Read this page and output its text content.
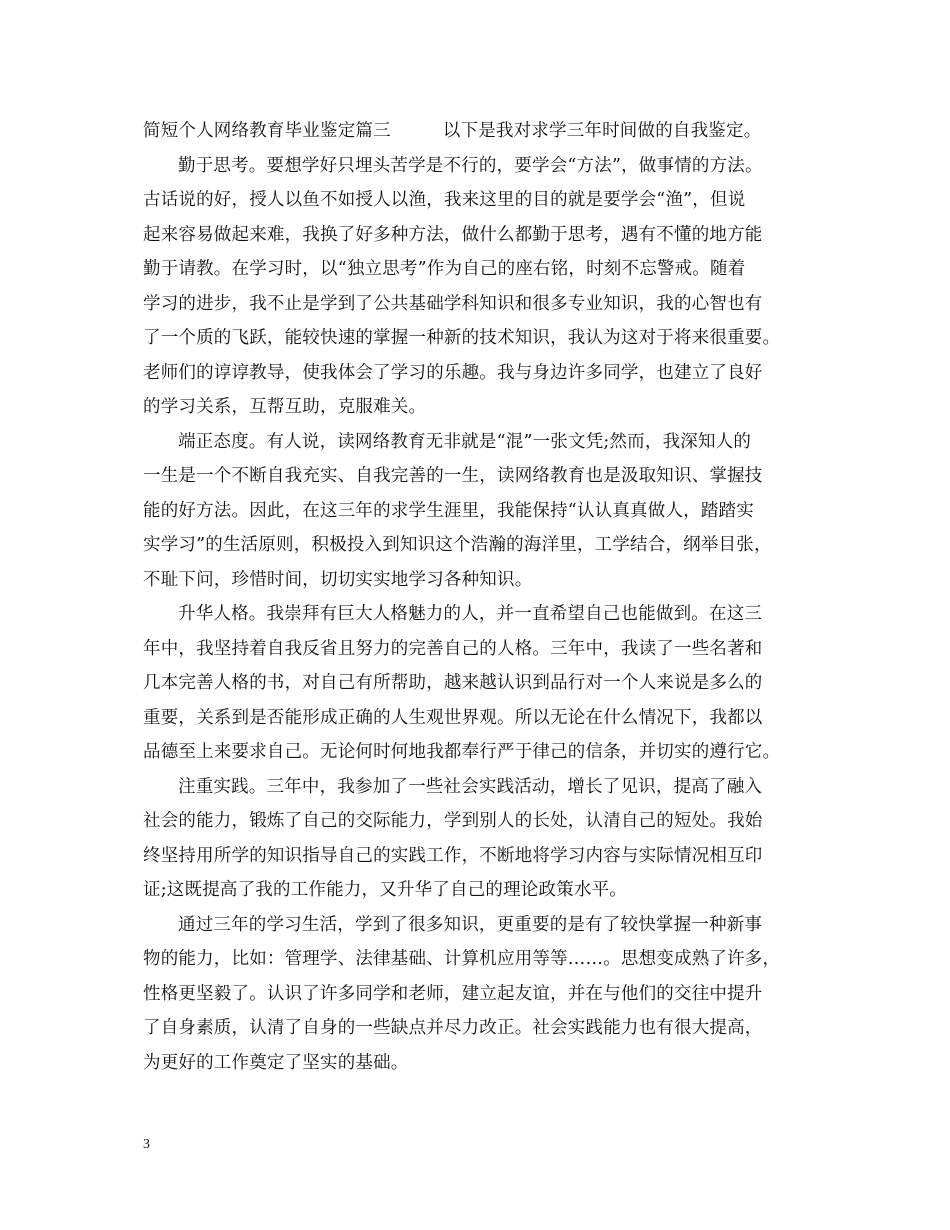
简短个人网络教育毕业鉴定篇三	以下是我对求学三年时间做的自我鉴定。
勤于思考。要想学好只埋头苦学是不行的，要学会“方法”，做事情的方法。
古话说的好，授人以鱼不如授人以渔，我来这里的目的就是要学会“渔”，但说
起来容易做起来难，我换了好多种方法，做什么都勤于思考，遇有不懂的地方能
勤于请教。在学习时，以“独立思考”作为自己的座右铭，时刻不忘警戒。随着
学习的进步，我不止是学到了公共基础学科知识和很多专业知识，我的心智也有
了一个质的飞跃，能较快速的掌握一种新的技术知识，我认为这对于将来很重要。
老师们的谆谆教导，使我体会了学习的乐趣。我与身边许多同学，也建立了良好
的学习关系，互帮互助，克服难关。
端正态度。有人说，读网络教育无非就是“混”一张文凭;然而，我深知人的
一生是一个不断自我充实、自我完善的一生，读网络教育也是汲取知识、掌握技
能的好方法。因此，在这三年的求学生涯里，我能保持“认认真真做人，踏踏实
实学习”的生活原则，积极投入到知识这个浩瀚的海洋里，工学结合，纲举目张，
不耻下问，珍惜时间，切切实实地学习各种知识。
升华人格。我崇拜有巨大人格魅力的人，并一直希望自己也能做到。在这三
年中，我坚持着自我反省且努力的完善自己的人格。三年中，我读了一些名著和
几本完善人格的书，对自己有所帮助，越来越认识到品行对一个人来说是多么的
重要，关系到是否能形成正确的人生观世界观。所以无论在什么情况下，我都以
品德至上来要求自己。无论何时何地我都奉行严于律己的信条，并切实的遵行它。
注重实践。三年中，我参加了一些社会实践活动，增长了见识，提高了融入
社会的能力，锻炼了自己的交际能力，学到别人的长处，认清自己的短处。我始
终坚持用所学的知识指导自己的实践工作，不断地将学习内容与实际情况相互印
证;这既提高了我的工作能力，又升华了自己的理论政策水平。
通过三年的学习生活，学到了很多知识，更重要的是有了较快掌握一种新事
物的能力，比如：管理学、法律基础、计算机应用等等……。思想变成熟了许多，
性格更坚毅了。认识了许多同学和老师，建立起友谊，并在与他们的交往中提升
了自身素质，认清了自身的一些缺点并尽力改正。社会实践能力也有很大提高，
为更好的工作奠定了坚实的基础。
3
